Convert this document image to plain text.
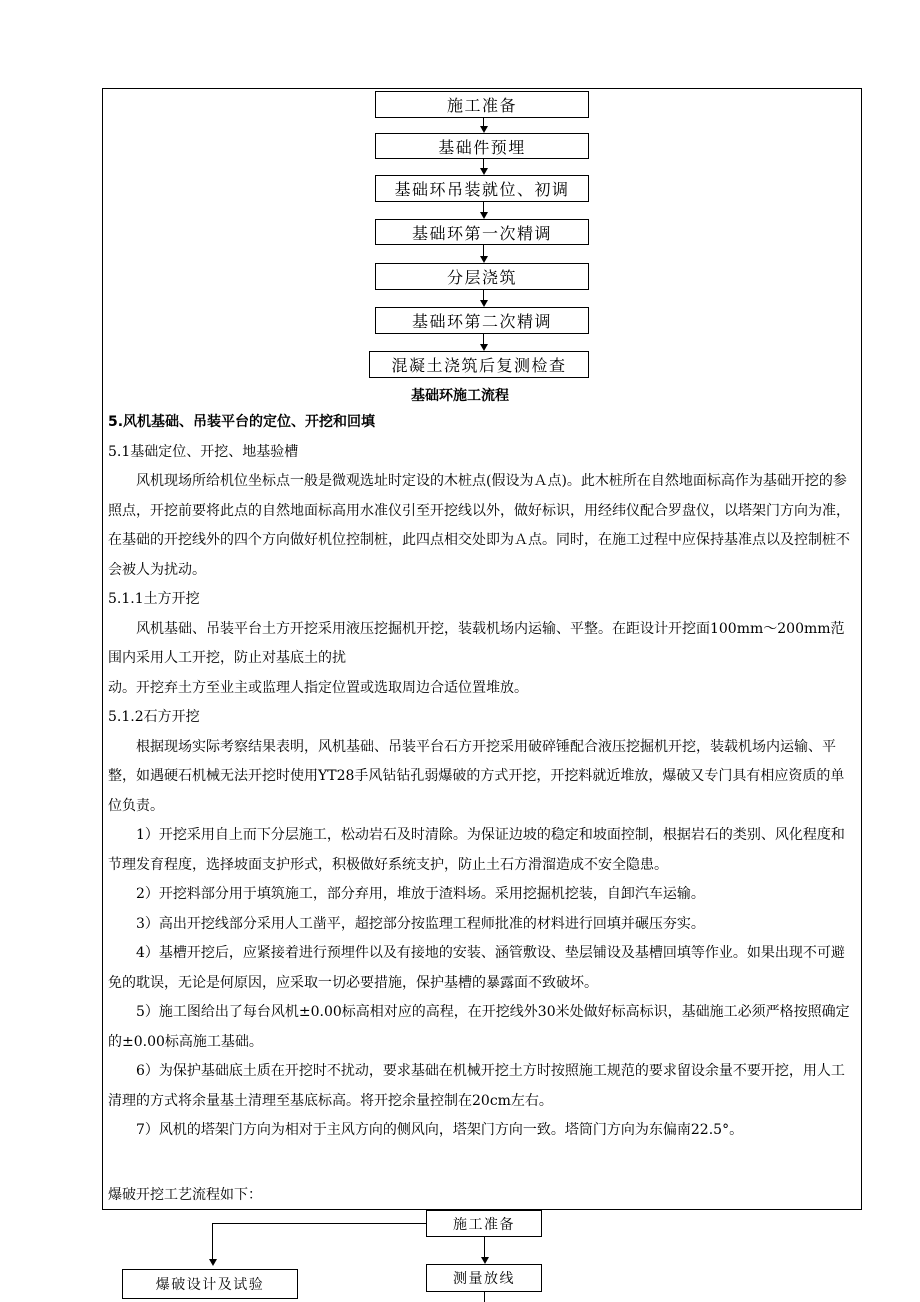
施工准备
基础件预埋
基础环吊装就位、初调
基础环第一次精调
分层浇筑
基础环第二次精调
混凝土浇筑后复测检查
基础环施工流程

5.风机基础、吊装平台的定位、开挖和回填

5.1基础定位、开挖、地基验槽

风机现场所给机位坐标点一般是微观选址时定设的木桩点(假设为Ａ点)。此木桩所在自然地面标高作为基础开挖的参照点，开挖前要将此点的自然地面标高用水准仪引至开挖线以外，做好标识，用经纬仪配合罗盘仪，以塔架门方向为准，在基础的开挖线外的四个方向做好机位控制桩，此四点相交处即为Ａ点。同时，在施工过程中应保持基准点以及控制桩不会被人为扰动。

5.1.1土方开挖

风机基础、吊装平台土方开挖采用液压挖掘机开挖，装载机场内运输、平整。在距设计开挖面100mm～200mm范围内采用人工开挖，防止对基底土的扰

动。开挖弃土方至业主或监理人指定位置或选取周边合适位置堆放。

5.1.2石方开挖

根据现场实际考察结果表明，风机基础、吊装平台石方开挖采用破碎锤配合液压挖掘机开挖，装载机场内运输、平整，如遇硬石机械无法开挖时使用YT28手风钻钻孔弱爆破的方式开挖，开挖料就近堆放，爆破又专门具有相应资质的单位负责。

1）开挖采用自上而下分层施工，松动岩石及时清除。为保证边坡的稳定和坡面控制，根据岩石的类别、风化程度和节理发育程度，选择坡面支护形式，积极做好系统支护，防止土石方滑溜造成不安全隐患。

2）开挖料部分用于填筑施工，部分弃用，堆放于渣料场。采用挖掘机挖装，自卸汽车运输。

3）高出开挖线部分采用人工凿平，超挖部分按监理工程师批准的材料进行回填并碾压夯实。

4）基槽开挖后，应紧接着进行预埋件以及有接地的安装、涵管敷设、垫层铺设及基槽回填等作业。如果出现不可避免的耽误，无论是何原因，应采取一切必要措施，保护基槽的暴露面不致破坏。

5）施工图给出了每台风机±0.00标高相对应的高程，在开挖线外30米处做好标高标识，基础施工必须严格按照确定的±0.00标高施工基础。

6）为保护基础底土质在开挖时不扰动，要求基础在机械开挖土方时按照施工规范的要求留设余量不要开挖，用人工清理的方式将余量基土清理至基底标高。将开挖余量控制在20cm左右。

7）风机的塔架门方向为相对于主风方向的侧风向，塔架门方向一致。塔筒门方向为东偏南22.5°。

爆破开挖工艺流程如下：
施工准备
爆破设计及试验	测量放线
